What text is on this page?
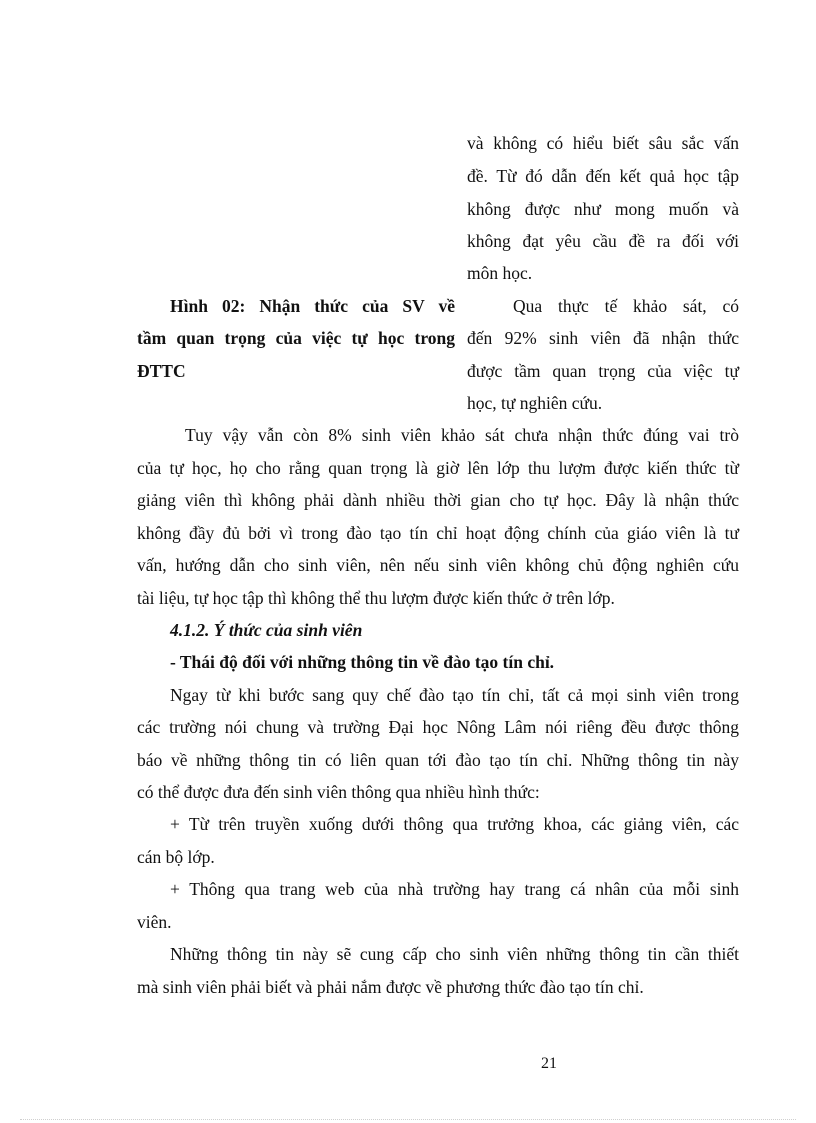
và không có hiểu biết sâu sắc vấn
đề. Từ đó dẫn đến kết quả học tập
không được như mong muốn và
không đạt yêu cầu đề ra đối với
môn học.
Qua thực tế khảo sát, có
đến 92% sinh viên đã nhận thức
được tầm quan trọng của việc tự
học, tự nghiên cứu.
Hình 02: Nhận thức của SV về
tầm quan trọng của việc tự học trong
ĐTTC
Tuy vậy vẫn còn 8% sinh viên khảo sát chưa nhận thức đúng vai trò
của tự học, họ cho rằng quan trọng là giờ lên lớp thu lượm được kiến thức từ
giảng viên thì không phải dành nhiều thời gian cho tự học. Đây là nhận thức
không đầy đủ bởi vì trong đào tạo tín chỉ hoạt động chính của giáo viên là tư
vấn, hướng dẫn cho sinh viên, nên nếu sinh viên không chủ động nghiên cứu
tài liệu, tự học tập thì không thể thu lượm được kiến thức ở trên lớp.
4.1.2. Ý thức của sinh viên
- Thái độ đối với những thông tin về đào tạo tín chỉ.
Ngay từ khi bước sang quy chế đào tạo tín chỉ, tất cả mọi sinh viên trong
các trường nói chung và trường Đại học Nông Lâm nói riêng đều được thông
báo về những thông tin có liên quan tới đào tạo tín chỉ. Những thông tin này
có thể được đưa đến sinh viên thông qua nhiều hình thức:
+ Từ trên truyền xuống dưới thông qua trưởng khoa, các giảng viên, các
cán bộ lớp.
+ Thông qua trang web của nhà trường hay trang cá nhân của mỗi sinh
viên.
Những thông tin này sẽ cung cấp cho sinh viên những thông tin cần thiết
mà sinh viên phải biết và phải nắm được về phương thức đào tạo tín chỉ.
21
